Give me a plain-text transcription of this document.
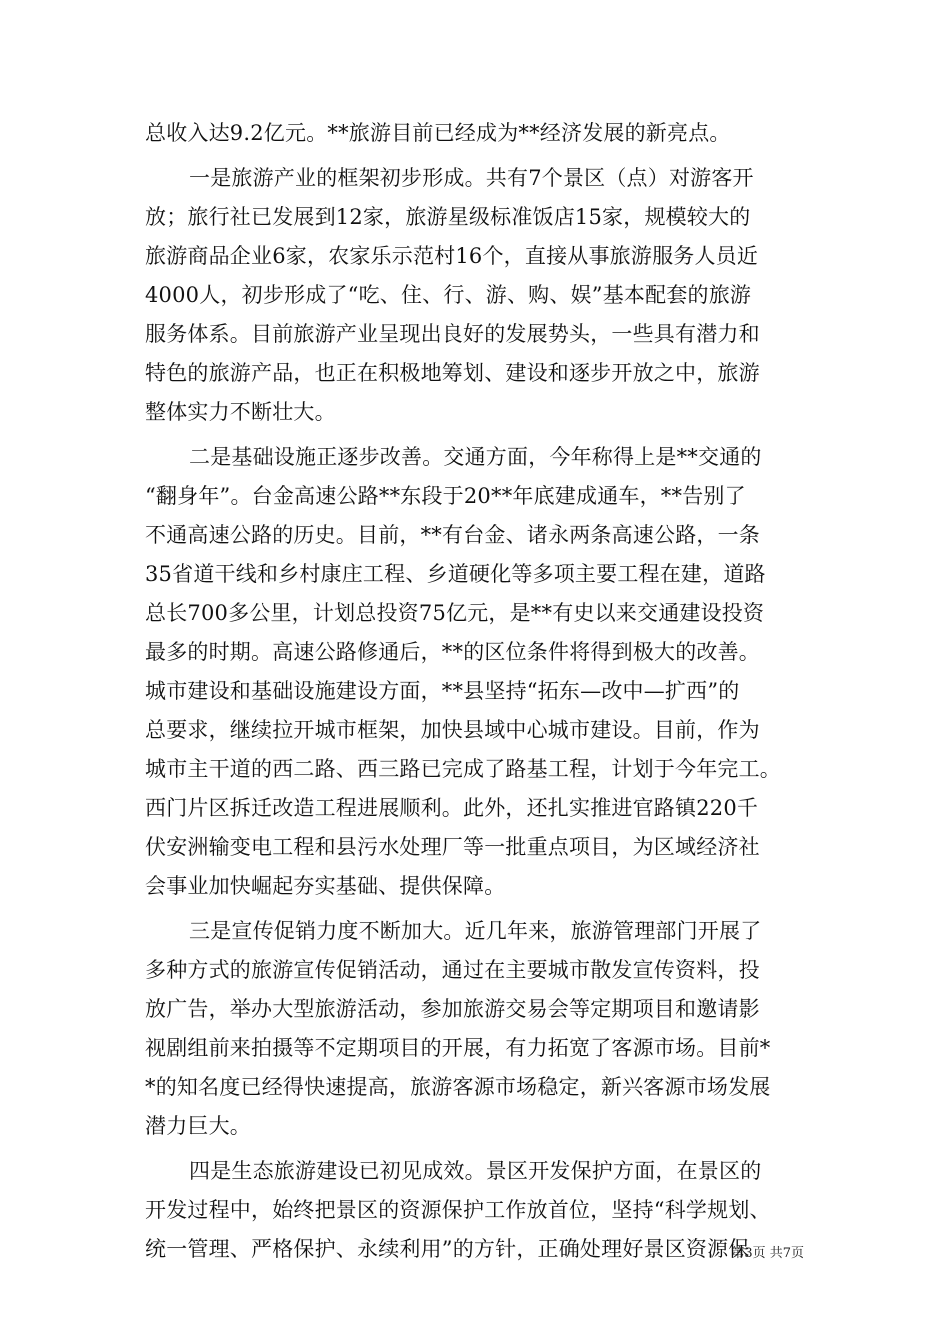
总收入达9.2亿元。**旅游目前已经成为**经济发展的新亮点。
一是旅游产业的框架初步形成。共有7个景区（点）对游客开
放；旅行社已发展到12家，旅游星级标准饭店15家，规模较大的
旅游商品企业6家，农家乐示范村16个，直接从事旅游服务人员近
4000人，初步形成了“吃、住、行、游、购、娱”基本配套的旅游
服务体系。目前旅游产业呈现出良好的发展势头，一些具有潜力和
特色的旅游产品，也正在积极地筹划、建设和逐步开放之中，旅游
整体实力不断壮大。
二是基础设施正逐步改善。交通方面，今年称得上是**交通的
“翻身年”。台金高速公路**东段于20**年底建成通车，**告别了
不通高速公路的历史。目前，**有台金、诸永两条高速公路，一条
35省道干线和乡村康庄工程、乡道硬化等多项主要工程在建，道路
总长700多公里，计划总投资75亿元，是**有史以来交通建设投资
最多的时期。高速公路修通后，**的区位条件将得到极大的改善。
城市建设和基础设施建设方面，**县坚持“拓东—改中—扩西”的
总要求，继续拉开城市框架，加快县域中心城市建设。目前，作为
城市主干道的西二路、西三路已完成了路基工程，计划于今年完工。
西门片区拆迁改造工程进展顺利。此外，还扎实推进官路镇220千
伏安洲输变电工程和县污水处理厂等一批重点项目，为区域经济社
会事业加快崛起夯实基础、提供保障。
三是宣传促销力度不断加大。近几年来，旅游管理部门开展了
多种方式的旅游宣传促销活动，通过在主要城市散发宣传资料，投
放广告，举办大型旅游活动，参加旅游交易会等定期项目和邀请影
视剧组前来拍摄等不定期项目的开展，有力拓宽了客源市场。目前*
*的知名度已经得快速提高，旅游客源市场稳定，新兴客源市场发展
潜力巨大。
四是生态旅游建设已初见成效。景区开发保护方面，在景区的
开发过程中，始终把景区的资源保护工作放首位，坚持“科学规划、
统一管理、严格保护、永续利用”的方针，正确处理好景区资源保
第3页 共7页
